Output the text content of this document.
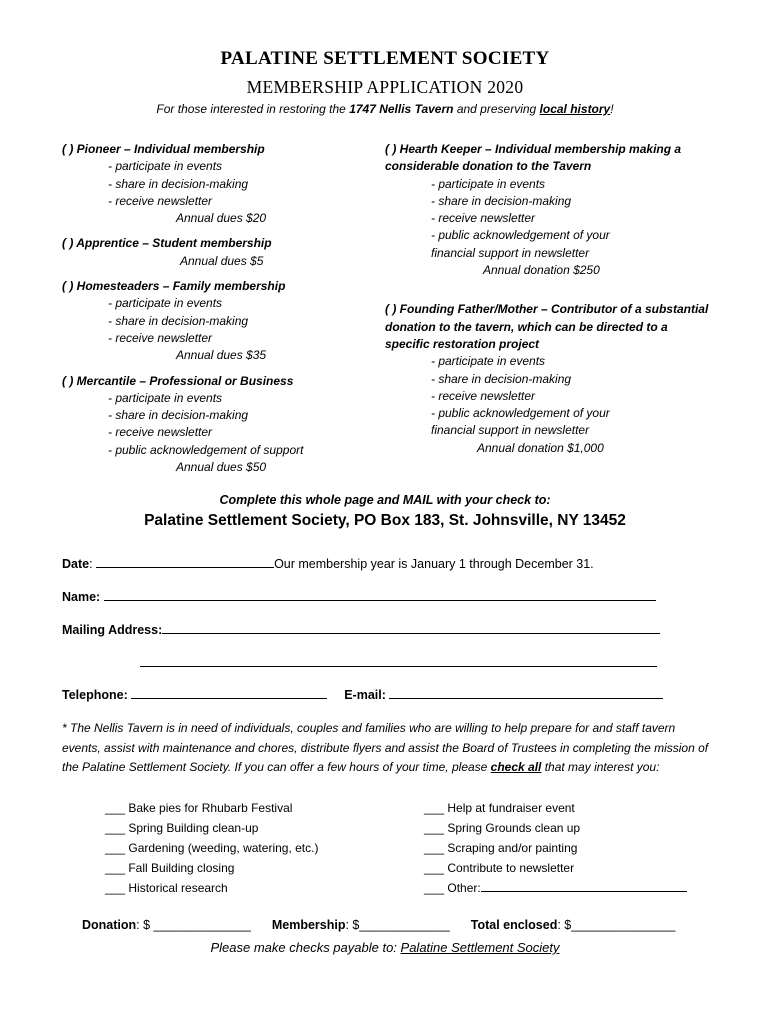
PALATINE SETTLEMENT SOCIETY
MEMBERSHIP APPLICATION 2020
For those interested in restoring the 1747 Nellis Tavern and preserving local history!
( ) Pioneer – Individual membership
- participate in events
- share in decision-making
- receive newsletter
Annual dues $20
( ) Apprentice – Student membership
Annual dues $5
( ) Homesteaders – Family membership
- participate in events
- share in decision-making
- receive newsletter
Annual dues $35
( ) Mercantile – Professional or Business
- participate in events
- share in decision-making
- receive newsletter
- public acknowledgement of support
Annual dues $50
( ) Hearth Keeper – Individual membership making a considerable donation to the Tavern
- participate in events
- share in decision-making
- receive newsletter
- public acknowledgement of your
financial support in newsletter
Annual donation $250
( ) Founding Father/Mother – Contributor of a substantial donation to the tavern, which can be directed to a specific restoration project
- participate in events
- share in decision-making
- receive newsletter
- public acknowledgement of your
financial support in newsletter
Annual donation $1,000
Complete this whole page and MAIL with your check to:
Palatine Settlement Society, PO Box 183, St. Johnsville, NY 13452
Date:	Our membership year is January 1 through December 31.
Name:
Mailing Address:
Telephone:	E-mail:
* The Nellis Tavern is in need of individuals, couples and families who are willing to help prepare for and staff tavern events, assist with maintenance and chores, distribute flyers and assist the Board of Trustees in completing the mission of the Palatine Settlement Society. If you can offer a few hours of your time, please check all that may interest you:
___ Bake pies for Rhubarb Festival
___ Spring Building clean-up
___ Gardening (weeding, watering, etc.)
___ Fall Building closing
___ Historical research
___ Help at fundraiser event
___ Spring Grounds clean up
___ Scraping and/or painting
___ Contribute to newsletter
___ Other:
Donation: $ ______________ Membership: $_____________ Total enclosed: $_______________
Please make checks payable to: Palatine Settlement Society
